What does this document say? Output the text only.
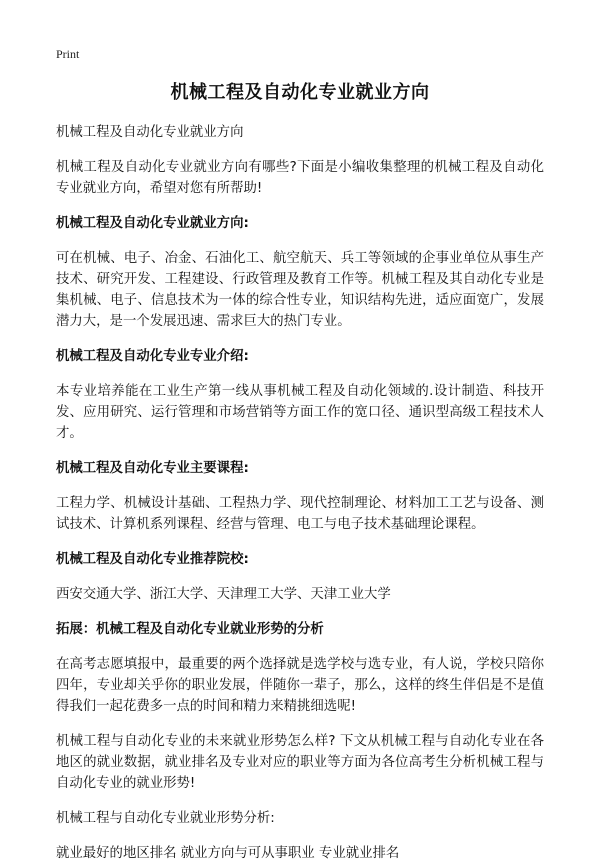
Print
机械工程及自动化专业就业方向

机械工程及自动化专业就业方向

机械工程及自动化专业就业方向有哪些?下面是小编收集整理的机械工程及自动化专业就业方向，希望对您有所帮助!

机械工程及自动化专业就业方向:

可在机械、电子、冶金、石油化工、航空航天、兵工等领域的企事业单位从事生产技术、研究开发、工程建设、行政管理及教育工作等。机械工程及其自动化专业是集机械、电子、信息技术为一体的综合性专业，知识结构先进，适应面宽广，发展潜力大，是一个发展迅速、需求巨大的热门专业。

机械工程及自动化专业专业介绍:

本专业培养能在工业生产第一线从事机械工程及自动化领域的.设计制造、科技开发、应用研究、运行管理和市场营销等方面工作的宽口径、通识型高级工程技术人才。

机械工程及自动化专业主要课程:

工程力学、机械设计基础、工程热力学、现代控制理论、材料加工工艺与设备、测试技术、计算机系列课程、经营与管理、电工与电子技术基础理论课程。

机械工程及自动化专业推荐院校:

西安交通大学、浙江大学、天津理工大学、天津工业大学

拓展：机械工程及自动化专业就业形势的分析

在高考志愿填报中，最重要的两个选择就是选学校与选专业，有人说，学校只陪你四年，专业却关乎你的职业发展，伴随你一辈子，那么，这样的终生伴侣是不是值得我们一起花费多一点的时间和精力来精挑细选呢!

机械工程与自动化专业的未来就业形势怎么样? 下文从机械工程与自动化专业在各地区的就业数据，就业排名及专业对应的职业等方面为各位高考生分析机械工程与自动化专业的就业形势!

机械工程与自动化专业就业形势分析:

就业最好的地区排名 就业方向与可从事职业 专业就业排名
